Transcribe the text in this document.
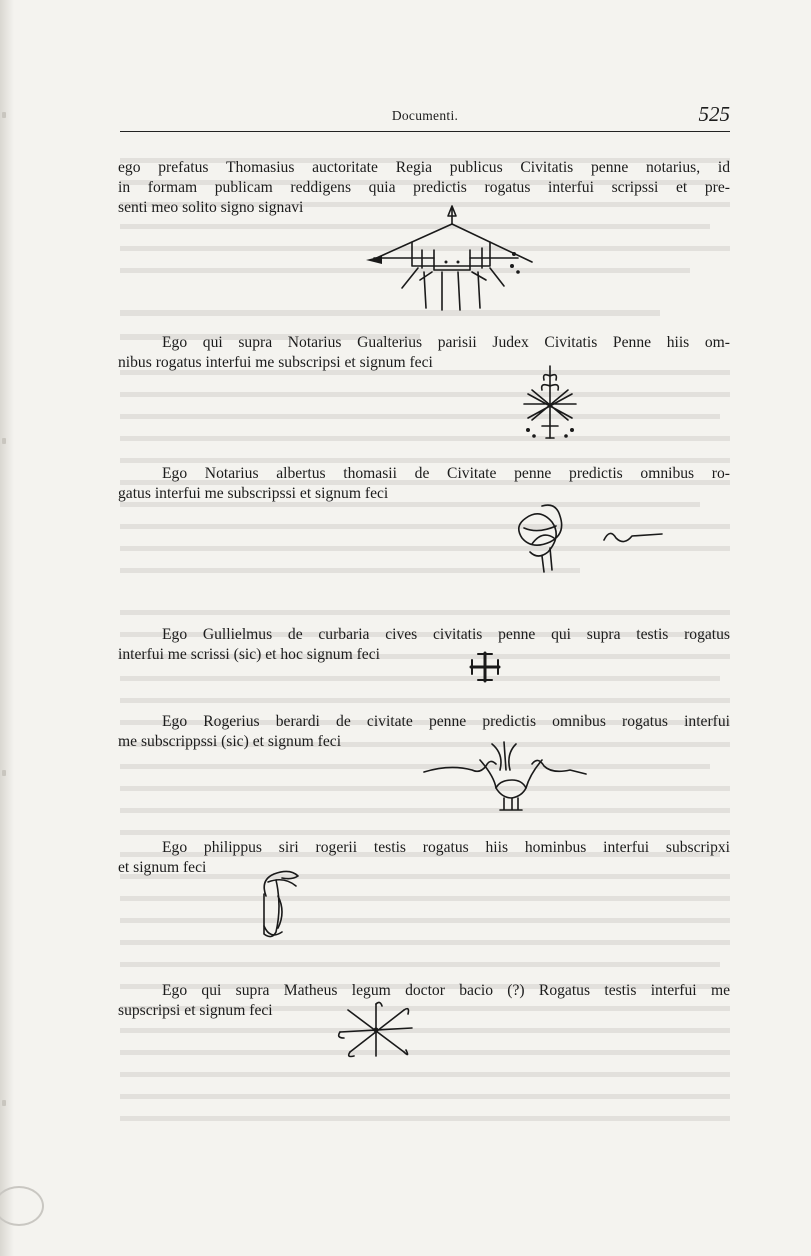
Documenti.	525
ego prefatus Thomasius auctoritate Regia publicus Civitatis penne notarius, id
in formam publicam reddigens quia predictis rogatus interfui scripssi et pre-
senti meo solito signo signavi
Ego qui supra Notarius Gualterius parisii Judex Civitatis Penne hiis om-
nibus rogatus interfui me subscripsi et signum feci
Ego Notarius albertus thomasii de Civitate penne predictis omnibus ro-
gatus interfui me subscripssi et signum feci
Ego Gullielmus de curbaria cives civitatis penne qui supra testis rogatus
interfui me scrissi (sic) et hoc signum feci
Ego Rogerius berardi de civitate penne predictis omnibus rogatus interfui
me subscrippssi (sic) et signum feci
Ego philippus siri rogerii testis rogatus hiis hominbus interfui subscripxi
et signum feci
Ego qui supra Matheus legum doctor bacio (?) Rogatus testis interfui me
supscripsi et signum feci
